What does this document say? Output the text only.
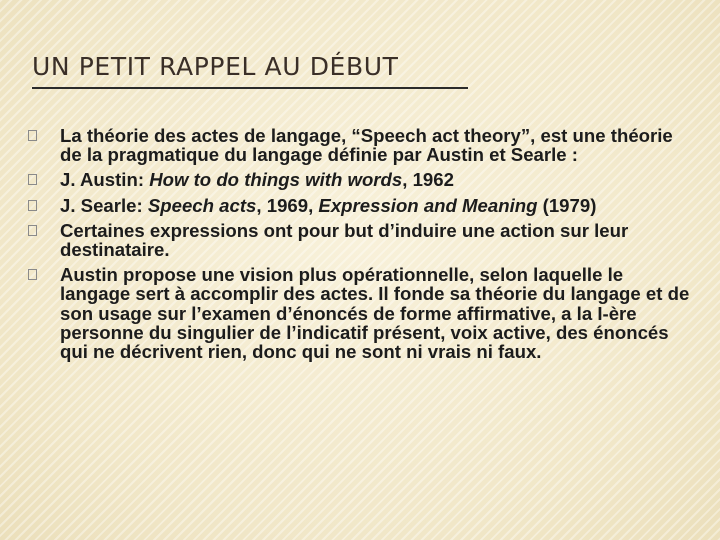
UN PETIT RAPPEL AU DÉBUT
La théorie des actes de langage, “Speech act theory”, est une théorie de la pragmatique du langage définie par Austin et Searle :
J. Austin: How to do things with words, 1962
J. Searle: Speech acts, 1969, Expression and Meaning (1979)
Certaines expressions ont pour but d’induire une action sur leur destinataire.
Austin propose une vision plus opérationnelle, selon laquelle le langage sert à accomplir des actes. Il fonde sa théorie du langage et de son usage sur l’examen d’énoncés de forme affirmative, a la I-ère personne du singulier de l’indicatif présent, voix active, des énoncés qui ne décrivent rien, donc qui ne sont ni vrais ni faux.
